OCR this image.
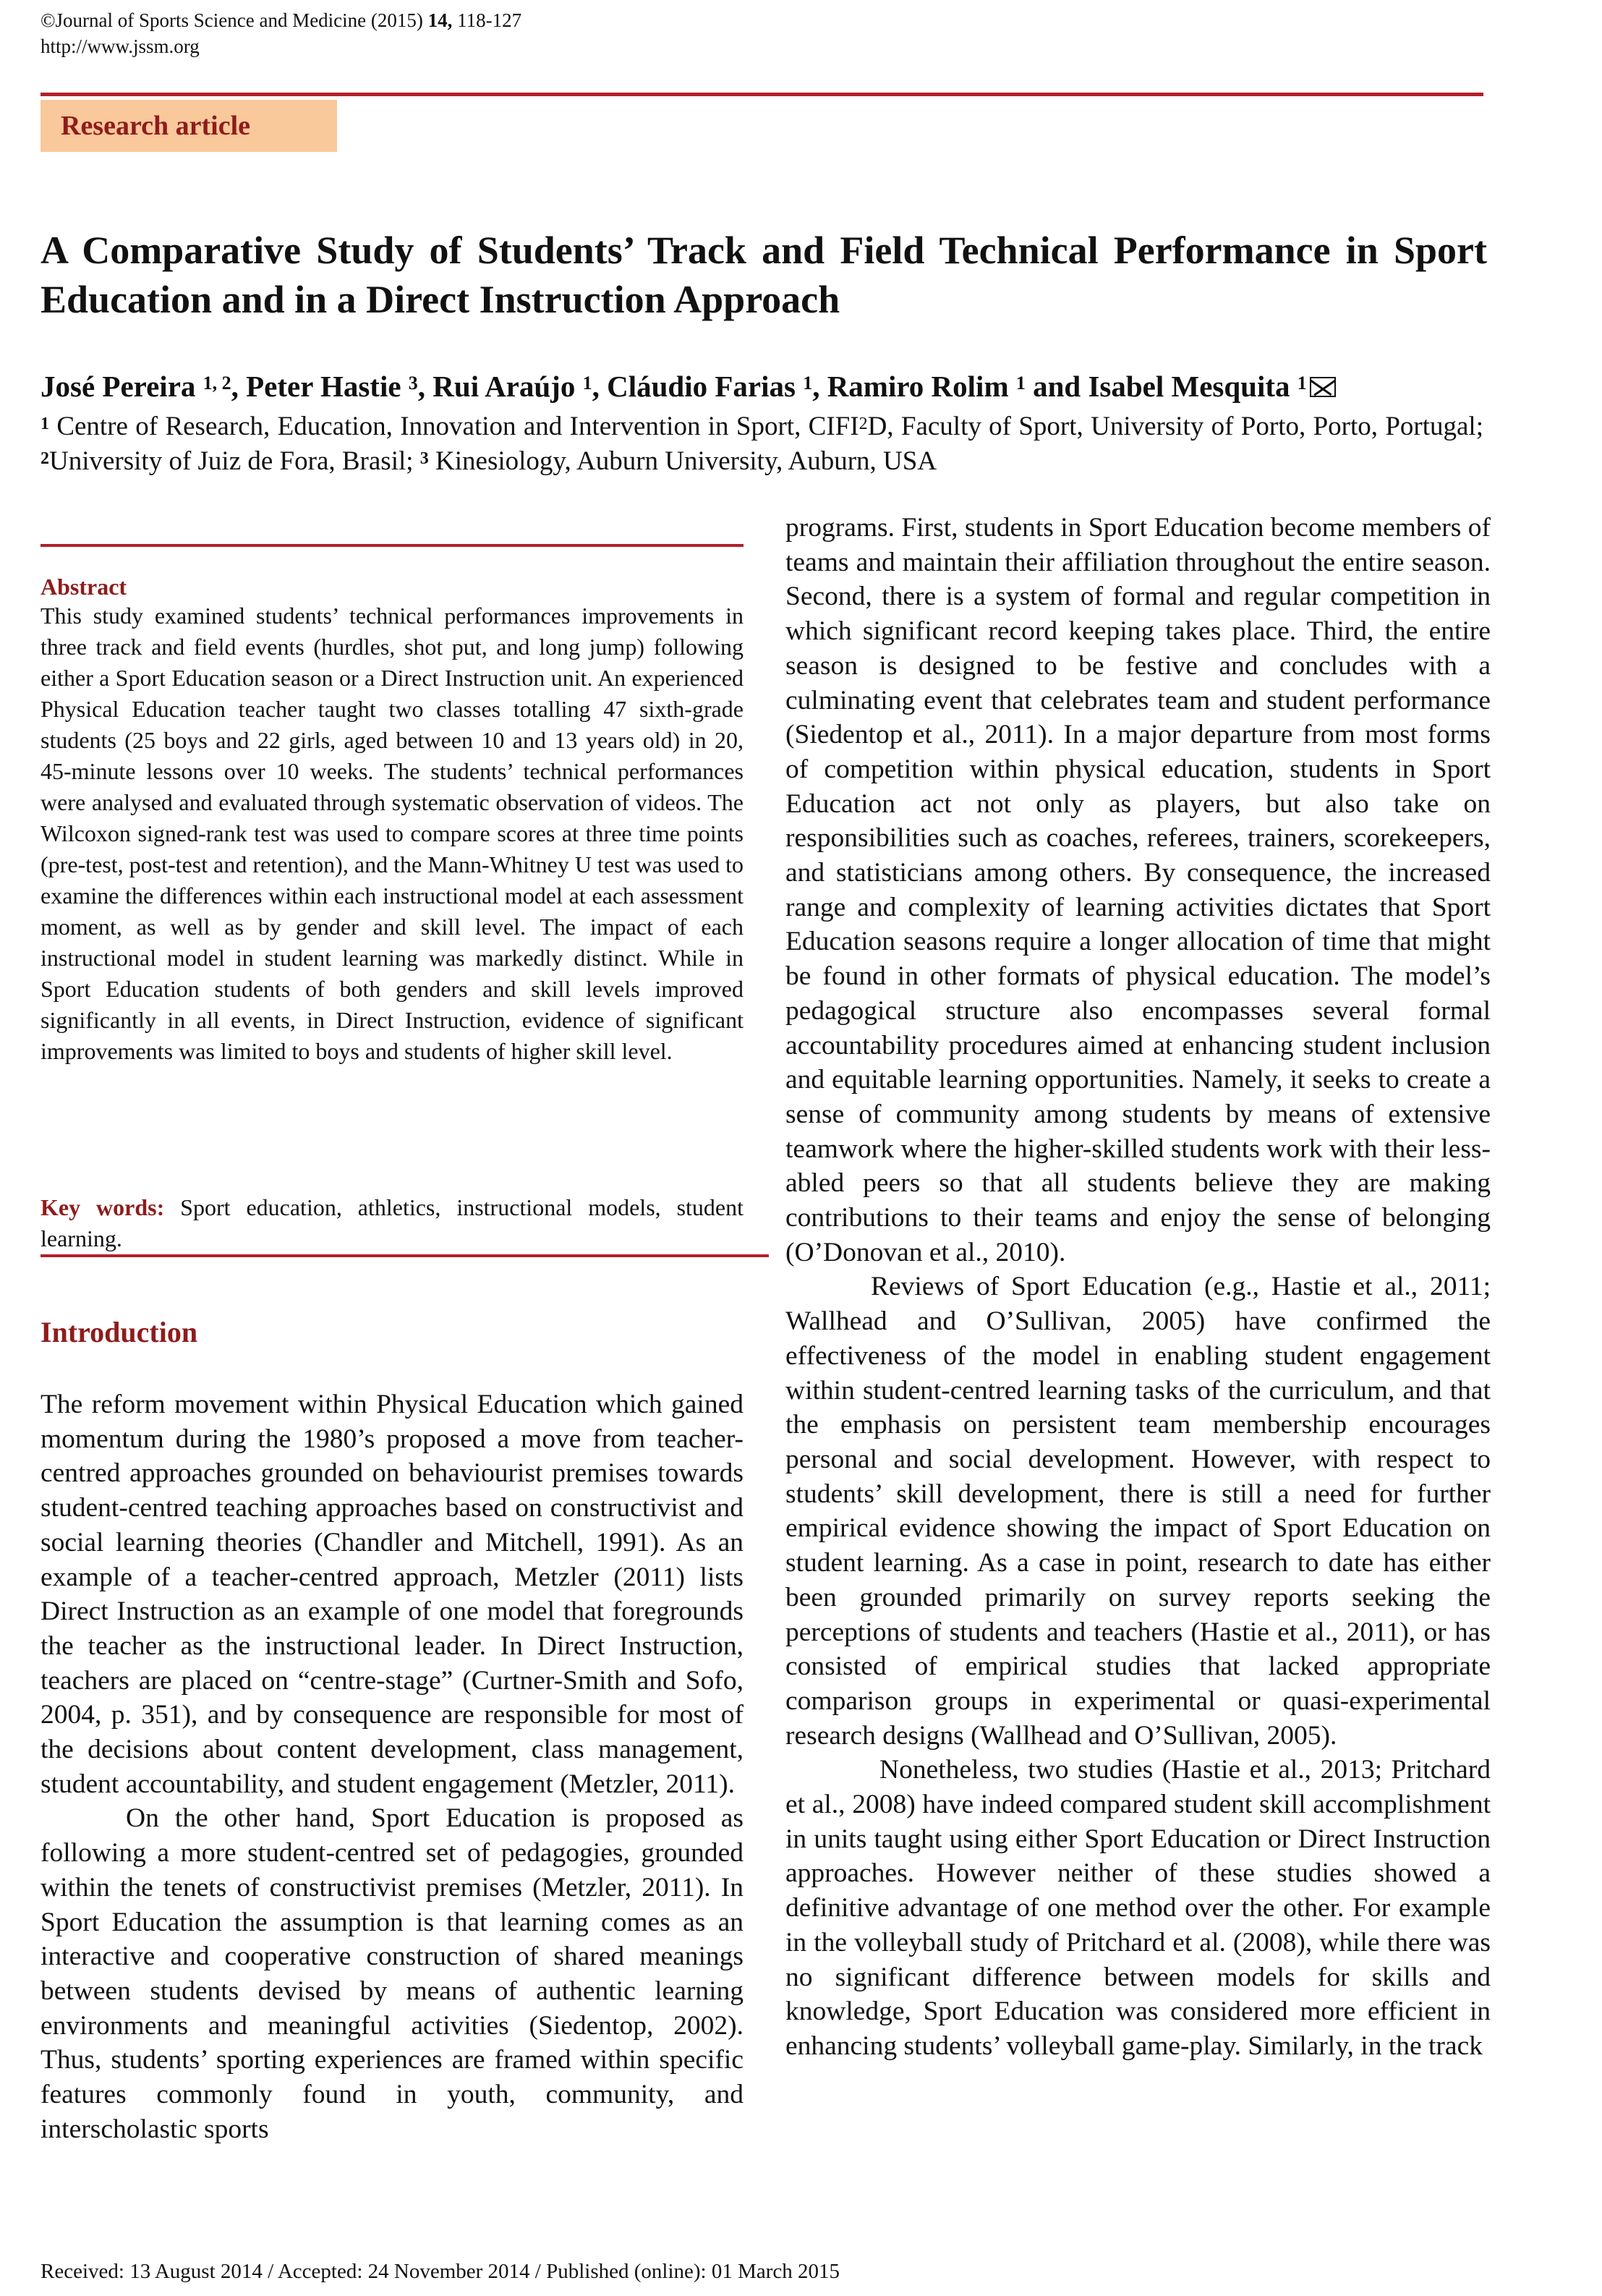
©Journal of Sports Science and Medicine (2015) 14, 118-127
http://www.jssm.org
Research article
A Comparative Study of Students’ Track and Field Technical Performance in Sport Education and in a Direct Instruction Approach

José Pereira $^{1, 2}$, Peter Hastie $^3$, Rui Araújo $^1$, Cláudio Farias $^1$, Ramiro Rolim $^1$ and Isabel Mesquita $^1$

$^1$ Centre of Research, Education, Innovation and Intervention in Sport, CIFI$^2$D, Faculty of Sport, University of Porto, Porto, Portugal; $^2$University of Juiz de Fora, Brasil; $^3$ Kinesiology, Auburn University, Auburn, USA

Abstract

This study examined students’ technical performances improvements in three track and field events (hurdles, shot put, and long jump) following either a Sport Education season or a Direct Instruction unit. An experienced Physical Education teacher taught two classes totalling 47 sixth-grade students (25 boys and 22 girls, aged between 10 and 13 years old) in 20, 45-minute lessons over 10 weeks. The students’ technical performances were analysed and evaluated through systematic observation of videos. The Wilcoxon signed-rank test was used to compare scores at three time points (pre-test, post-test and retention), and the Mann-Whitney U test was used to examine the differences within each instructional model at each assessment moment, as well as by gender and skill level. The impact of each instructional model in student learning was markedly distinct. While in Sport Education students of both genders and skill levels improved significantly in all events, in Direct Instruction, evidence of significant improvements was limited to boys and students of higher skill level.

Key words: Sport education, athletics, instructional models, student learning.

Introduction

The reform movement within Physical Education which gained momentum during the 1980’s proposed a move from teacher-centred approaches grounded on behaviourist premises towards student-centred teaching approaches based on constructivist and social learning theories (Chandler and Mitchell, 1991). As an example of a teacher-centred approach, Metzler (2011) lists Direct Instruction as an example of one model that foregrounds the teacher as the instructional leader. In Direct Instruction, teachers are placed on “centre-stage” (Curtner-Smith and Sofo, 2004, p. 351), and by consequence are responsible for most of the decisions about content development, class management, student accountability, and student engagement (Metzler, 2011).

On the other hand, Sport Education is proposed as following a more student-centred set of pedagogies, grounded within the tenets of constructivist premises (Metzler, 2011). In Sport Education the assumption is that learning comes as an interactive and cooperative construction of shared meanings between students devised by means of authentic learning environments and meaningful activities (Siedentop, 2002). Thus, students’ sporting experiences are framed within specific features commonly found in youth, community, and interscholastic sports

programs. First, students in Sport Education become members of teams and maintain their affiliation throughout the entire season. Second, there is a system of formal and regular competition in which significant record keeping takes place. Third, the entire season is designed to be festive and concludes with a culminating event that celebrates team and student performance (Siedentop et al., 2011). In a major departure from most forms of competition within physical education, students in Sport Education act not only as players, but also take on responsibilities such as coaches, referees, trainers, scorekeepers, and statisticians among others. By consequence, the increased range and complexity of learning activities dictates that Sport Education seasons require a longer allocation of time that might be found in other formats of physical education. The model’s pedagogical structure also encompasses several formal accountability procedures aimed at enhancing student inclusion and equitable learning opportunities. Namely, it seeks to create a sense of community among students by means of extensive teamwork where the higher-skilled students work with their less-abled peers so that all students believe they are making contributions to their teams and enjoy the sense of belonging (O’Donovan et al., 2010).

Reviews of Sport Education (e.g., Hastie et al., 2011; Wallhead and O’Sullivan, 2005) have confirmed the effectiveness of the model in enabling student engagement within student-centred learning tasks of the curriculum, and that the emphasis on persistent team membership encourages personal and social development. However, with respect to students’ skill development, there is still a need for further empirical evidence showing the impact of Sport Education on student learning. As a case in point, research to date has either been grounded primarily on survey reports seeking the perceptions of students and teachers (Hastie et al., 2011), or has consisted of empirical studies that lacked appropriate comparison groups in experimental or quasi-experimental research designs (Wallhead and O’Sullivan, 2005).

Nonetheless, two studies (Hastie et al., 2013; Pritchard et al., 2008) have indeed compared student skill accomplishment in units taught using either Sport Education or Direct Instruction approaches. However neither of these studies showed a definitive advantage of one method over the other. For example in the volleyball study of Pritchard et al. (2008), while there was no significant difference between models for skills and knowledge, Sport Education was considered more efficient in enhancing students’ volleyball game-play. Similarly, in the track

Received: 13 August 2014 / Accepted: 24 November 2014 / Published (online): 01 March 2015
